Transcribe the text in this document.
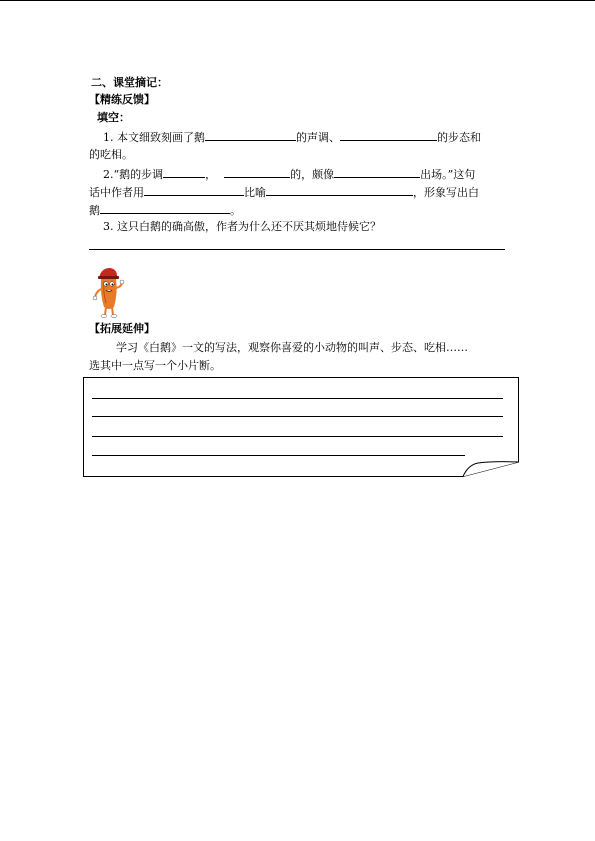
二、课堂摘记：
【精练反馈】
填空：
1. 本文细致刻画了鹅	的声调、	的步态和
的吃相。
2.“鹅的步调	，	的，颇像	出场。”这句
话中作者用	比喻	，形象写出白
鹅	。
3. 这只白鹅的确高傲，作者为什么还不厌其烦地侍候它？
【拓展延伸】
学习《白鹅》一文的写法，观察你喜爱的小动物的叫声、步态、吃相……
选其中一点写一个小片断。
